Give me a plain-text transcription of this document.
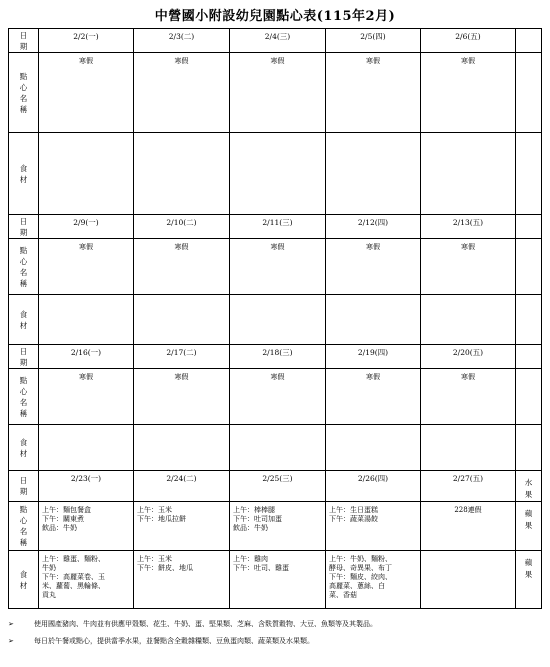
中營國小附設幼兒園點心表(115年2月)
日
期	2/2(一)	2/3(二)	2/4(三)	2/5(四)	2/6(五)	

點
心
名
稱	寒假	寒假	寒假	寒假	寒假	

食
材						

日
期	2/9(一)	2/10(二)	2/11(三)	2/12(四)	2/13(五)	

點
心
名
稱	寒假	寒假	寒假	寒假	寒假	

食
材						

日
期	2/16(一)	2/17(二)	2/18(三)	2/19(四)	2/20(五)	

點
心
名
稱	寒假	寒假	寒假	寒假	寒假	

食
材						

日
期	2/23(一)	2/24(二)	2/25(三)	2/26(四)	2/27(五)	水
果

點
心
名
稱	上午：麵包餐盒
下午：關東煮
飲品：牛奶	上午：玉米
下午：地瓜拉餅	上午：棒棒腿
下午：吐司加蛋
飲品：牛奶	上午：生日蛋糕
下午：蔬菜湯餃	228連假	蘋
果

食
材	上午：雞蛋、麵粉、
牛奶
下午：高麗菜卷、玉
米、蘿蔔、黑輪條、
貢丸	上午：玉米
下午：餅皮、地瓜	上午：雞肉
下午：吐司、雞蛋	上午：牛奶、麵粉、
酵母、奇異果、布丁
下午：麵皮、絞肉、
高麗菜、蔥絲、白
菜、香菇		蘋
果
➢	使用國產豬肉、牛肉並有供應甲殼類、花生、牛奶、蛋、堅果類、芝麻、含麩質穀物、大豆、魚類等及其製品。
➢	每日於午餐或點心，提供當季水果，並餐點含全穀雜糧類、豆魚蛋肉類、蔬菜類及水果類。
